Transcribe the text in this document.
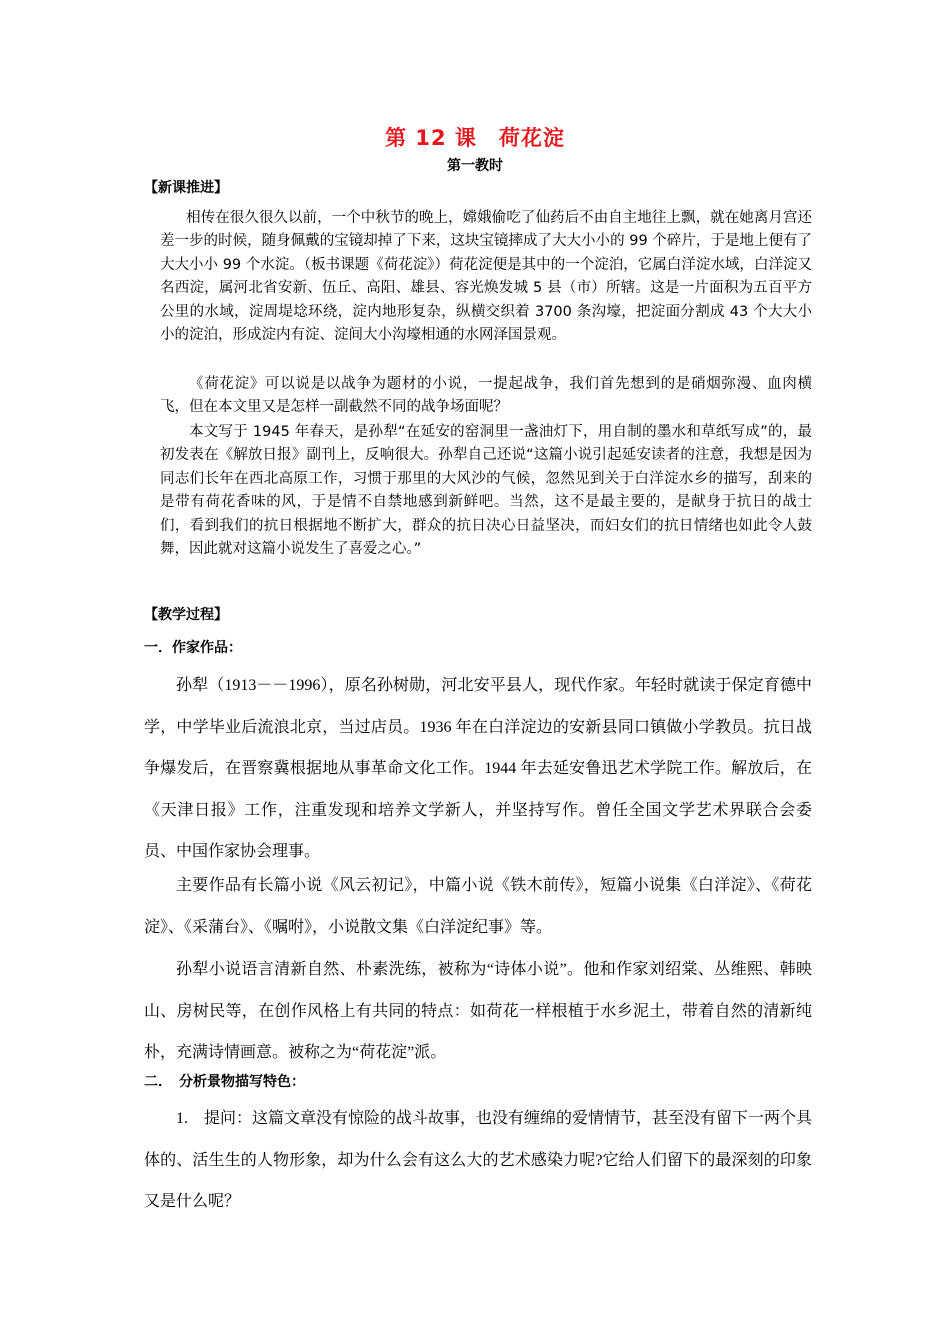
第 12 课　荷花淀
第一教时
【新课推进】

相传在很久很久以前，一个中秋节的晚上，嫦娥偷吃了仙药后不由自主地往上飘，就在她离月宫还差一步的时候，随身佩戴的宝镜却掉了下来，这块宝镜摔成了大大小小的 99 个碎片，于是地上便有了大大小小 99 个水淀。（板书课题《荷花淀》）荷花淀便是其中的一个淀泊，它属白洋淀水域，白洋淀又名西淀，属河北省安新、伍丘、高阳、雄县、容光焕发城 5 县（市）所辖。这是一片面积为五百平方公里的水域，淀周堤埝环绕，淀内地形复杂，纵横交织着 3700 条沟壕，把淀面分割成 43 个大大小小的淀泊，形成淀内有淀、淀间大小沟壕相通的水网泽国景观。

《荷花淀》可以说是以战争为题材的小说，一提起战争，我们首先想到的是硝烟弥漫、血肉横飞，但在本文里又是怎样一副截然不同的战争场面呢？

本文写于 1945 年春天，是孙犁“在延安的窑洞里一盏油灯下，用自制的墨水和草纸写成”的，最初发表在《解放日报》副刊上，反响很大。孙犁自己还说“这篇小说引起延安读者的注意，我想是因为同志们长年在西北高原工作，习惯于那里的大风沙的气候，忽然见到关于白洋淀水乡的描写，刮来的是带有荷花香味的风，于是情不自禁地感到新鲜吧。当然，这不是最主要的，是献身于抗日的战士们，看到我们的抗日根据地不断扩大，群众的抗日决心日益坚决，而妇女们的抗日情绪也如此令人鼓舞，因此就对这篇小说发生了喜爱之心。”

【教学过程】
一．作家作品：

孙犁（1913－－1996），原名孙树勋，河北安平县人，现代作家。年轻时就读于保定育德中学，中学毕业后流浪北京，当过店员。1936 年在白洋淀边的安新县同口镇做小学教员。抗日战争爆发后，在晋察冀根据地从事革命文化工作。1944 年去延安鲁迅艺术学院工作。解放后，在《天津日报》工作，注重发现和培养文学新人，并坚持写作。曾任全国文学艺术界联合会委员、中国作家协会理事。

主要作品有长篇小说《风云初记》，中篇小说《铁木前传》，短篇小说集《白洋淀》、《荷花淀》、《采蒲台》、《嘱咐》，小说散文集《白洋淀纪事》等。

孙犁小说语言清新自然、朴素洗练，被称为“诗体小说”。他和作家刘绍棠、丛维熙、韩映山、房树民等，在创作风格上有共同的特点：如荷花一样根植于水乡泥土，带着自然的清新纯朴，充满诗情画意。被称之为“荷花淀”派。

二．　分析景物描写特色：

1.　提问：这篇文章没有惊险的战斗故事，也没有缠绵的爱情情节，甚至没有留下一两个具体的、活生生的人物形象，却为什么会有这么大的艺术感染力呢?它给人们留下的最深刻的印象又是什么呢？
